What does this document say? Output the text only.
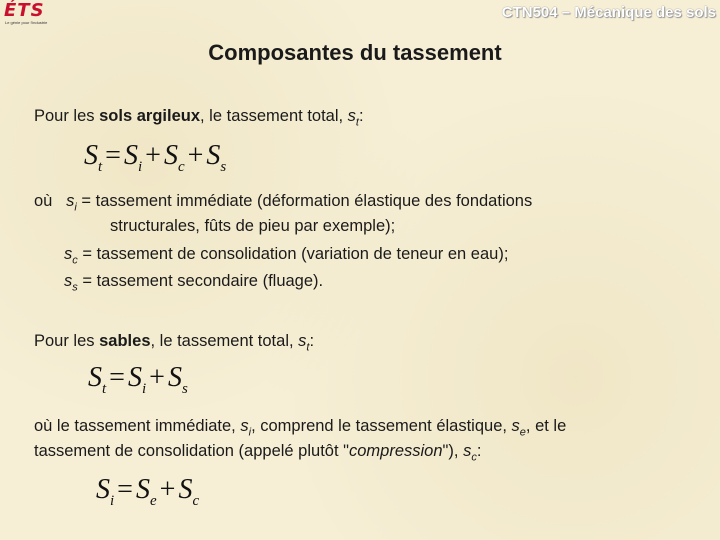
ÉTS
Le génie pour l'industrie
CTN504 – Mécanique des sols
Composantes du tassement
Pour les sols argileux, le tassement total, $s_t$:
$S_t = S_i + S_c + S_s$
où $s_i$ = tassement immédiate (déformation élastique des fondations
structurales, fûts de pieu par exemple);
$s_c$ = tassement de consolidation (variation de teneur en eau);
$s_s$ = tassement secondaire (fluage).
Pour les sables, le tassement total, $s_t$:
$S_t = S_i + S_s$
où le tassement immédiate, $s_i$, comprend le tassement élastique, $s_e$, et le
tassement de consolidation (appelé plutôt "compression"), $s_c$:
$S_i = S_e + S_c$
